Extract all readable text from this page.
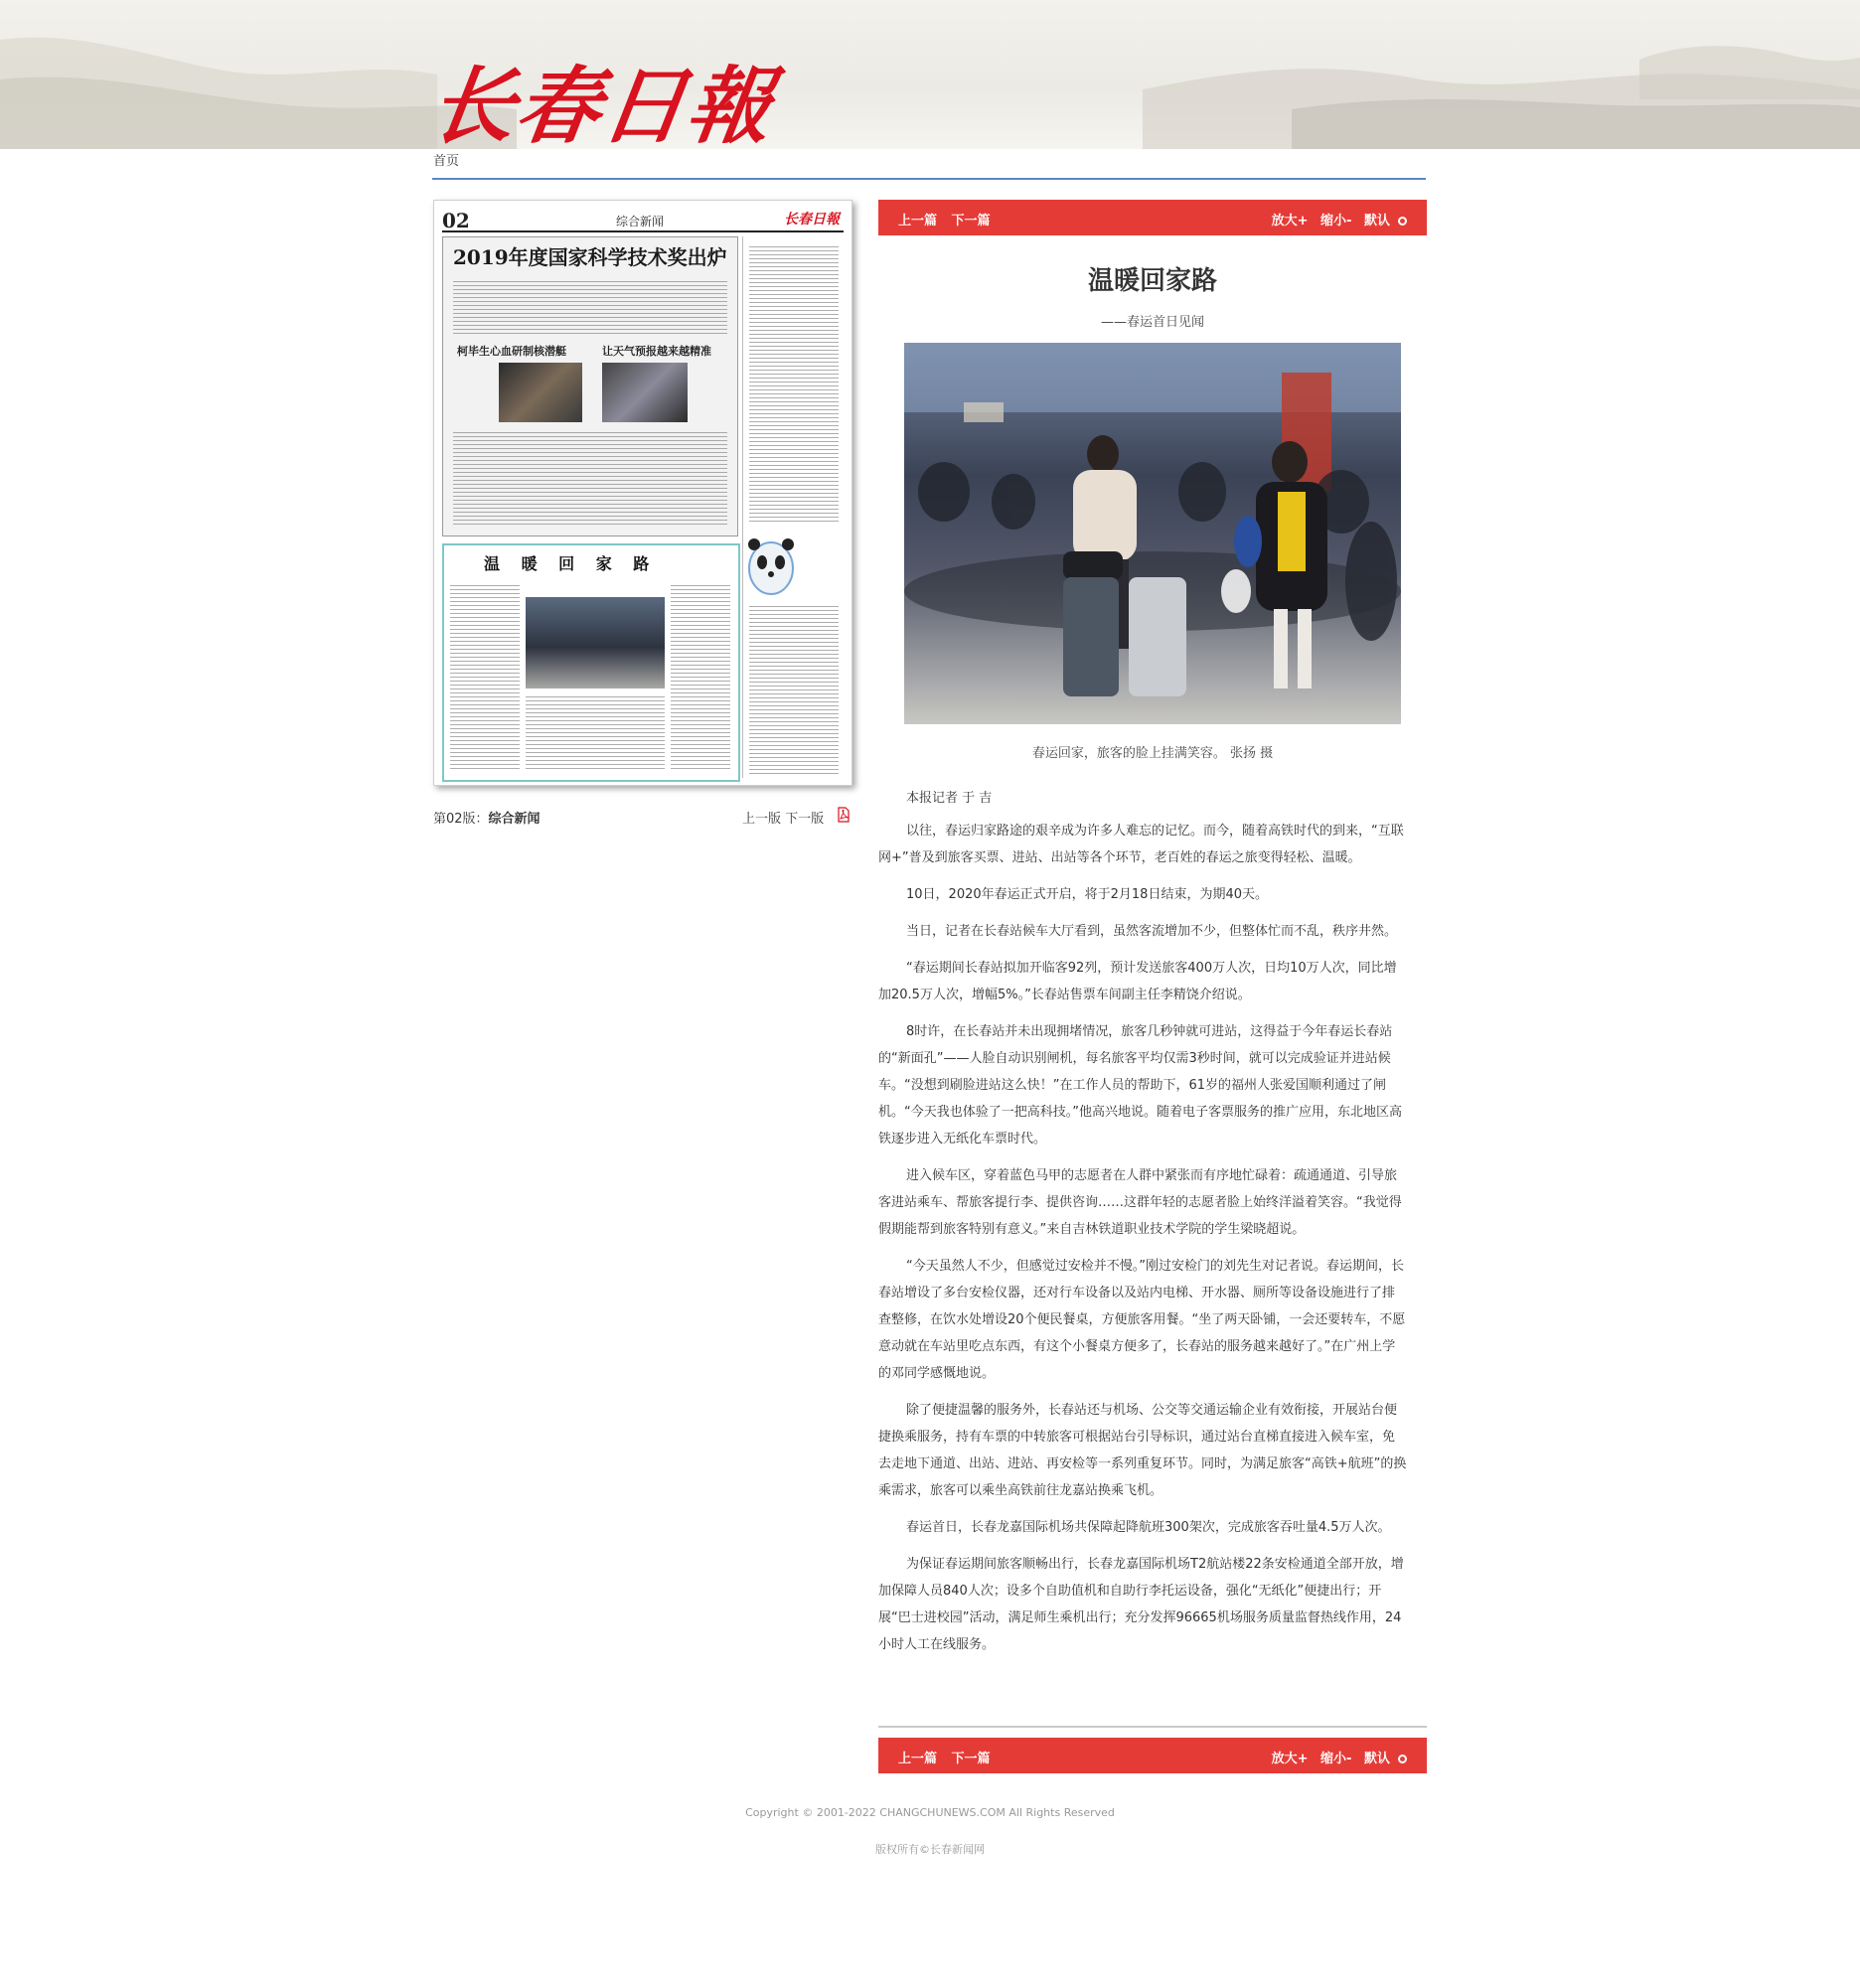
长春日報
首页
02	综合新闻	长春日報
2019年度国家科学技术奖出炉
柯毕生心血研制核潜艇	让天气预报越来越精准
温 暖 回 家 路
第02版：综合新闻	上一版 下一版
上一篇 下一篇	放大+ 缩小- 默认
温暖回家路
——春运首日见闻
春运回家，旅客的脸上挂满笑容。 张扬 摄

本报记者 于 吉

以往，春运归家路途的艰辛成为许多人难忘的记忆。而今，随着高铁时代的到来，“互联网+”普及到旅客买票、进站、出站等各个环节，老百姓的春运之旅变得轻松、温暖。

10日，2020年春运正式开启，将于2月18日结束，为期40天。

当日，记者在长春站候车大厅看到，虽然客流增加不少，但整体忙而不乱，秩序井然。

“春运期间长春站拟加开临客92列，预计发送旅客400万人次，日均10万人次，同比增加20.5万人次，增幅5%。”长春站售票车间副主任李精饶介绍说。

8时许，在长春站并未出现拥堵情况，旅客几秒钟就可进站，这得益于今年春运长春站的“新面孔”——人脸自动识别闸机，每名旅客平均仅需3秒时间，就可以完成验证并进站候车。“没想到刷脸进站这么快！”在工作人员的帮助下，61岁的福州人张爱国顺利通过了闸机。“今天我也体验了一把高科技。”他高兴地说。随着电子客票服务的推广应用，东北地区高铁逐步进入无纸化车票时代。

进入候车区，穿着蓝色马甲的志愿者在人群中紧张而有序地忙碌着：疏通通道、引导旅客进站乘车、帮旅客提行李、提供咨询……这群年轻的志愿者脸上始终洋溢着笑容。“我觉得假期能帮到旅客特别有意义。”来自吉林铁道职业技术学院的学生梁晓超说。

“今天虽然人不少，但感觉过安检并不慢。”刚过安检门的刘先生对记者说。春运期间，长春站增设了多台安检仪器，还对行车设备以及站内电梯、开水器、厕所等设备设施进行了排查整修，在饮水处增设20个便民餐桌，方便旅客用餐。“坐了两天卧铺，一会还要转车，不愿意动就在车站里吃点东西，有这个小餐桌方便多了，长春站的服务越来越好了。”在广州上学的邓同学感慨地说。

除了便捷温馨的服务外，长春站还与机场、公交等交通运输企业有效衔接，开展站台便捷换乘服务，持有车票的中转旅客可根据站台引导标识，通过站台直梯直接进入候车室，免去走地下通道、出站、进站、再安检等一系列重复环节。同时，为满足旅客“高铁+航班”的换乘需求，旅客可以乘坐高铁前往龙嘉站换乘飞机。

春运首日，长春龙嘉国际机场共保障起降航班300架次，完成旅客吞吐量4.5万人次。

为保证春运期间旅客顺畅出行，长春龙嘉国际机场T2航站楼22条安检通道全部开放，增加保障人员840人次；设多个自助值机和自助行李托运设备，强化“无纸化”便捷出行；开展“巴士进校园”活动，满足师生乘机出行；充分发挥96665机场服务质量监督热线作用，24小时人工在线服务。

上一篇 下一篇	放大+ 缩小- 默认
Copyright © 2001-2022 CHANGCHUNEWS.COM All Rights Reserved
版权所有©长春新闻网
